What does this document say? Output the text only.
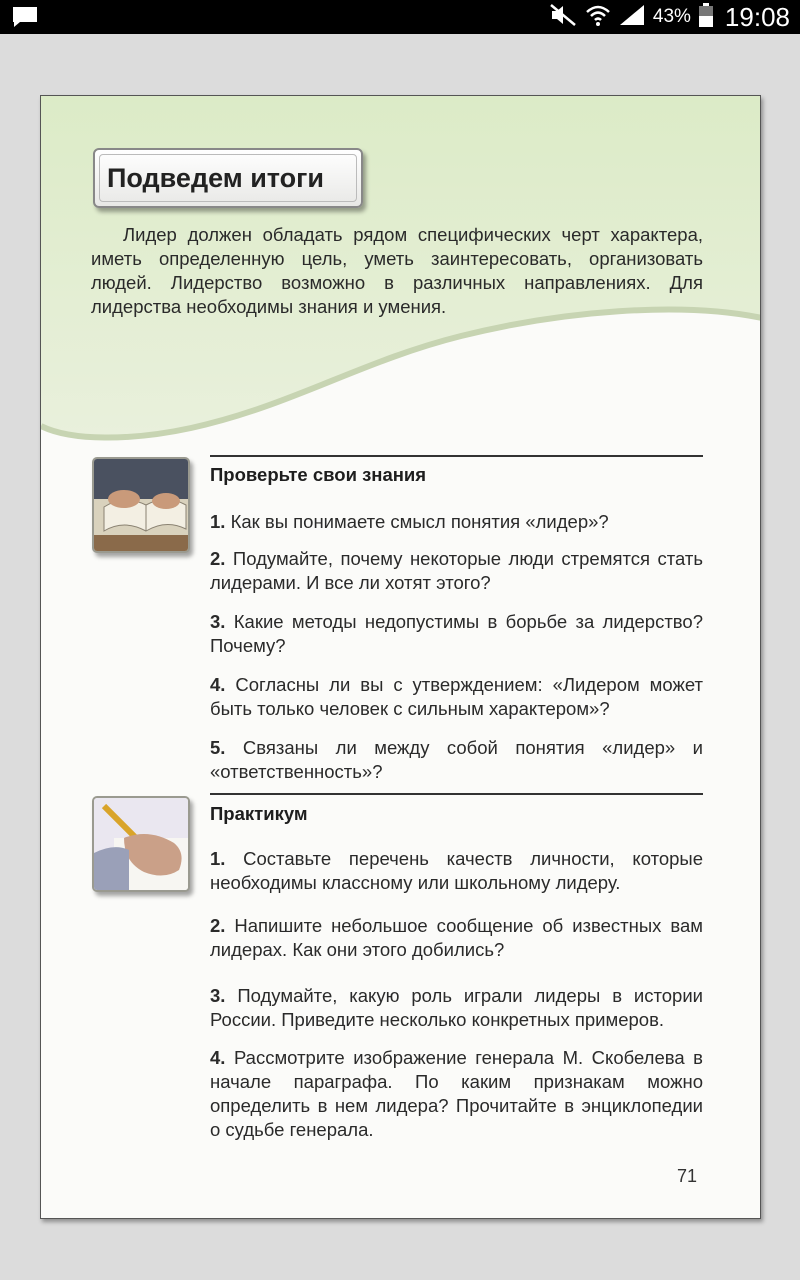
43% 19:08
Подведем итоги

Лидер должен обладать рядом специфических черт характера, иметь определенную цель, уметь заинтересовать, организовать людей. Лидерство возможно в различных направлениях. Для лидерства необходимы знания и умения.

Проверьте свои знания

1. Как вы понимаете смысл понятия «лидер»?

2. Подумайте, почему некоторые люди стремятся стать лидерами. И все ли хотят этого?

3. Какие методы недопустимы в борьбе за лидерство? Почему?

4. Согласны ли вы с утверждением: «Лидером может быть только человек с сильным характером»?

5. Связаны ли между собой понятия «лидер» и «ответственность»?

Практикум

1. Составьте перечень качеств личности, которые необходимы классному или школьному лидеру.

2. Напишите небольшое сообщение об известных вам лидерах. Как они этого добились?

3. Подумайте, какую роль играли лидеры в истории России. Приведите несколько конкретных примеров.

4. Рассмотрите изображение генерала М. Скобелева в начале параграфа. По каким признакам можно определить в нем лидера? Прочитайте в энциклопедии о судьбе генерала.

71
